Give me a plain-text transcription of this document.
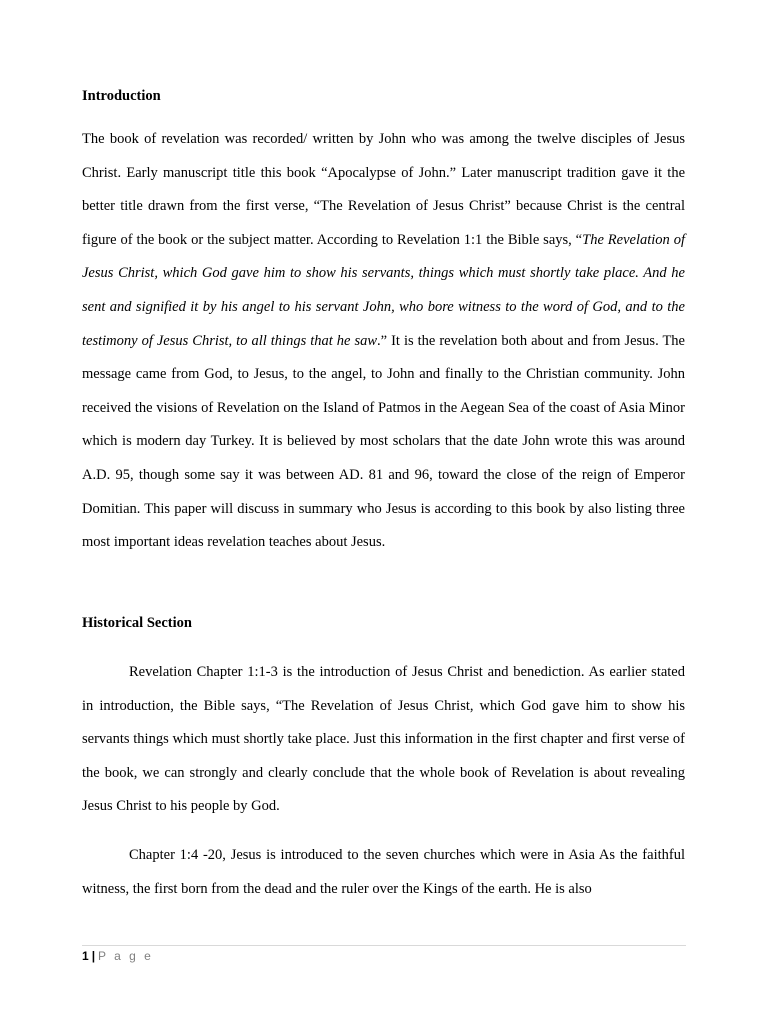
Introduction

The book of revelation was recorded/ written by John who was among the twelve disciples of Jesus Christ. Early manuscript title this book “Apocalypse of John.” Later manuscript tradition gave it the better title drawn from the first verse, “The Revelation of Jesus Christ” because Christ is the central figure of the book or the subject matter. According to Revelation 1:1 the Bible says, “The Revelation of Jesus Christ, which God gave him to show his servants, things which must shortly take place. And he sent and signified it by his angel to his servant John, who bore witness to the word of God, and to the testimony of Jesus Christ, to all things that he saw.” It is the revelation both about and from Jesus. The message came from God, to Jesus, to the angel, to John and finally to the Christian community. John received the visions of Revelation on the Island of Patmos in the Aegean Sea of the coast of Asia Minor which is modern day Turkey. It is believed by most scholars that the date John wrote this was around A.D. 95, though some say it was between AD. 81 and 96, toward the close of the reign of Emperor Domitian. This paper will discuss in summary who Jesus is according to this book by also listing three most important ideas revelation teaches about Jesus.

Historical Section

Revelation Chapter 1:1-3 is the introduction of Jesus Christ and benediction. As earlier stated in introduction, the Bible says, “The Revelation of Jesus Christ, which God gave him to show his servants things which must shortly take place. Just this information in the first chapter and first verse of the book, we can strongly and clearly conclude that the whole book of Revelation is about revealing Jesus Christ to his people by God.

Chapter 1:4 -20, Jesus is introduced to the seven churches which were in Asia As the faithful witness, the first born from the dead and the ruler over the Kings of the earth. He is also

1 | P a g e
